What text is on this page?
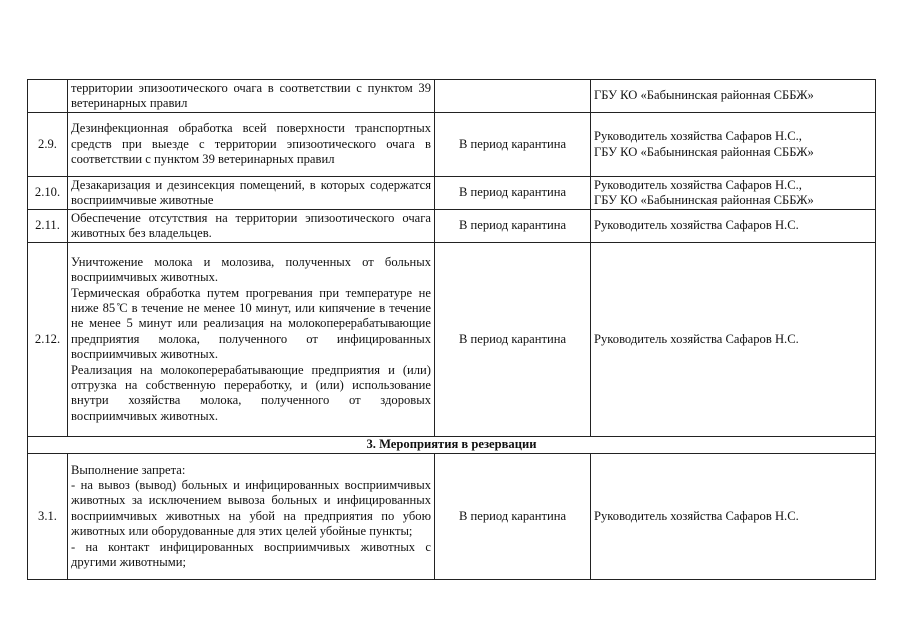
	территории эпизоотического очага в соответствии с пунктом 39 ветеринарных правил		ГБУ КО «Бабынинская районная СББЖ»

2.9.	Дезинфекционная обработка всей поверхности транспортных средств при выезде с территории эпизоотического очага в соответствии с пунктом 39 ветеринарных правил	В период карантина	Руководитель хозяйства Сафаров Н.С.,
ГБУ КО «Бабынинская районная СББЖ»

2.10.	Дезакаризация и дезинсекция помещений, в которых содержатся восприимчивые животные	В период карантина	Руководитель хозяйства Сафаров Н.С.,
ГБУ КО «Бабынинская районная СББЖ»

2.11.	Обеспечение отсутствия на территории эпизоотического очага животных без владельцев.	В период карантина	Руководитель хозяйства Сафаров Н.С.

2.12.	Уничтожение молока и молозива, полученных от больных восприимчивых животных.

Термическая обработка путем прогревания при температуре не ниже 85 ̊С в течение не менее 10 минут, или кипячение в течение не менее 5 минут или реализация на молокоперерабатывающие предприятия молока, полученного от инфицированных восприимчивых животных.

Реализация на молокоперерабатывающие предприятия и (или) отгрузка на собственную переработку, и (или) использование внутри хозяйства молока, полученного от здоровых восприимчивых животных.	В период карантина	Руководитель хозяйства Сафаров Н.С.

3. Мероприятия в резервации			
3.1.	Выполнение запрета:

- на вывоз (вывод) больных и инфицированных восприимчивых животных за исключением вывоза больных и инфицированных восприимчивых животных на убой на предприятия по убою животных или оборудованные для этих целей убойные пункты;

- на контакт инфицированных восприимчивых животных с другими животными;	В период карантина	Руководитель хозяйства Сафаров Н.С.
